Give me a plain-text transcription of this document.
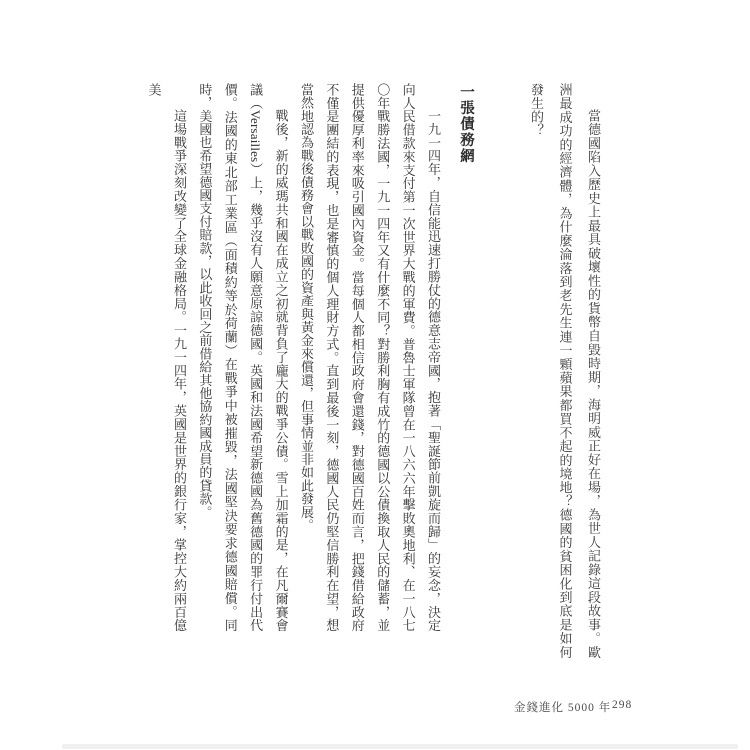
當德國陷入歷史上最具破壞性的貨幣自毀時期，海明威正好在場，為世人記錄這段故事。歐洲最成功的經濟體，為什麼淪落到老先生連一顆蘋果都買不起的境地？德國的貧困化到底是如何發生的？

一張債務網

一九一四年，自信能迅速打勝仗的德意志帝國，抱著「聖誕節前凱旋而歸」的妄念，決定向人民借款來支付第一次世界大戰的軍費。普魯士軍隊曾在一八六六年擊敗奧地利、在一八七〇年戰勝法國，一九一四年又有什麼不同？對勝利胸有成竹的德國以公債換取人民的儲蓄，並提供優厚利率來吸引國內資金。當每個人都相信政府會還錢，對德國百姓而言，把錢借給政府不僅是團結的表現，也是審慎的個人理財方式。直到最後一刻，德國人民仍堅信勝利在望，想當然地認為戰後債務會以戰敗國的資產與黃金來償還，但事情並非如此發展。

戰後，新的威瑪共和國在成立之初就背負了龐大的戰爭公債。雪上加霜的是，在凡爾賽會議（Versailles）上，幾乎沒有人願意原諒德國。英國和法國希望新德國為舊德國的罪行付出代價。法國的東北部工業區（面積約等於荷蘭）在戰爭中被摧毀，法國堅決要求德國賠償。同時，美國也希望德國支付賠款，以此收回之前借給其他協約國成員的貸款。

這場戰爭深刻改變了全球金融格局。一九一四年，英國是世界的銀行家，掌控大約兩百億美

金錢進化 5000 年 298
